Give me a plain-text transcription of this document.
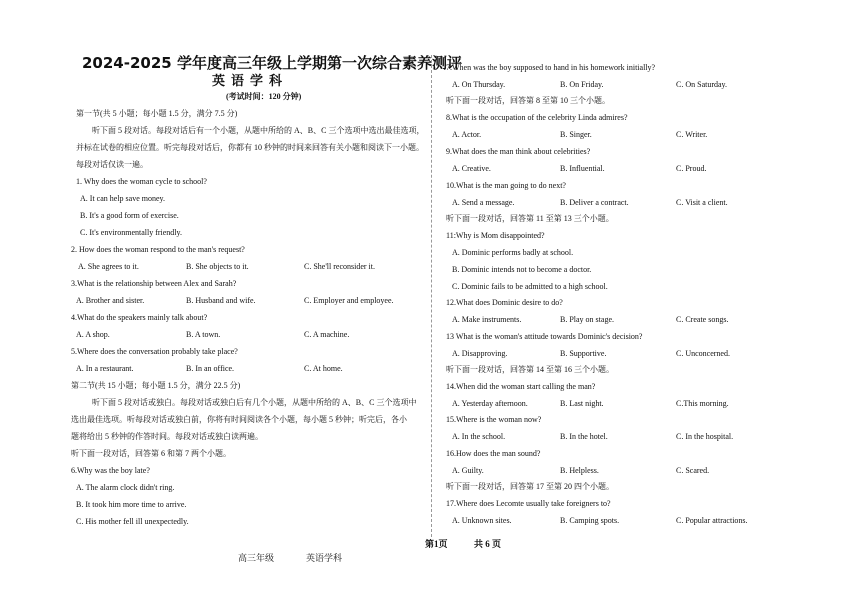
2024-2025 学年度高三年级上学期第一次综合素养测评
英语学科
(考试时间：120 分钟)
第一节(共 5 小题；每小题 1.5 分，满分 7.5 分)
听下面 5 段对话。每段对话后有一个小题，从题中所给的 A、B、C 三个选项中选出最佳选项，
并标在试卷的相应位置。听完每段对话后，你都有 10 秒钟的时间来回答有关小题和阅读下一小题。
每段对话仅读一遍。
1. Why does the woman cycle to school?
A. It can help save money.
B. It's a good form of exercise.
C. It's environmentally friendly.
2. How does the woman respond to the man's request?
A. She agrees to it.	B. She objects to it.	C. She'll reconsider it.
3.What is the relationship between Alex and Sarah?
A. Brother and sister.	B. Husband and wife.	C. Employer and employee.
4.What do the speakers mainly talk about?
A. A shop.	B. A town.	C. A machine.
5.Where does the conversation probably take place?
A. In a restaurant.	B. In an office.	C. At home.
第二节(共 15 小题；每小题 1.5 分，满分 22.5 分)
听下面 5 段对话或独白。每段对话或独白后有几个小题，从题中所给的 A、B、C 三个选项中
选出最佳选项。听每段对话或独白前，你将有时间阅读各个小题，每小题 5 秒钟；听完后，各小
题将给出 5 秒钟的作答时间。每段对话或独白读两遍。
听下面一段对话，回答第 6 和第 7 两个小题。
6.Why was the boy late?
A. The alarm clock didn't ring.
B. It took him more time to arrive.
C. His mother fell ill unexpectedly.
7.When was the boy supposed to hand in his homework initially?
A. On Thursday.	B. On Friday.	C. On Saturday.
听下面一段对话，回答第 8 至第 10 三个小题。
8.What is the occupation of the celebrity Linda admires?
A. Actor.	B. Singer.	C. Writer.
9.What does the man think about celebrities?
A. Creative.	B. Influential.	C. Proud.
10.What is the man going to do next?
A. Send a message.	B. Deliver a contract.	C. Visit a client.
听下面一段对话，回答第 11 至第 13 三个小题。
11:Why is Mom disappointed?
A. Dominic performs badly at school.
B. Dominic intends not to become a doctor.
C. Dominic fails to be admitted to a high school.
12.What does Dominic desire to do?
A. Make instruments.	B. Play on stage.	C. Create songs.
13 What is the woman's attitude towards Dominic's decision?
A. Disapproving.	B. Supportive.	C. Unconcerned.
听下面一段对话，回答第 14 至第 16 三个小题。
14.When did the woman start calling the man?
A. Yesterday afternoon.	B. Last night.	C.This morning.
15.Where is the woman now?
A. In the school.	B. In the hotel.	C. In the hospital.
16.How does the man sound?
A. Guilty.	B. Helpless.	C. Scared.
听下面一段对话，回答第 17 至第 20 四个小题。
17.Where does Lecomte usually take foreigners to?
A. Unknown sites.	B. Camping spots.	C. Popular attractions.
高三年级	英语学科
第1页	共 6 页
